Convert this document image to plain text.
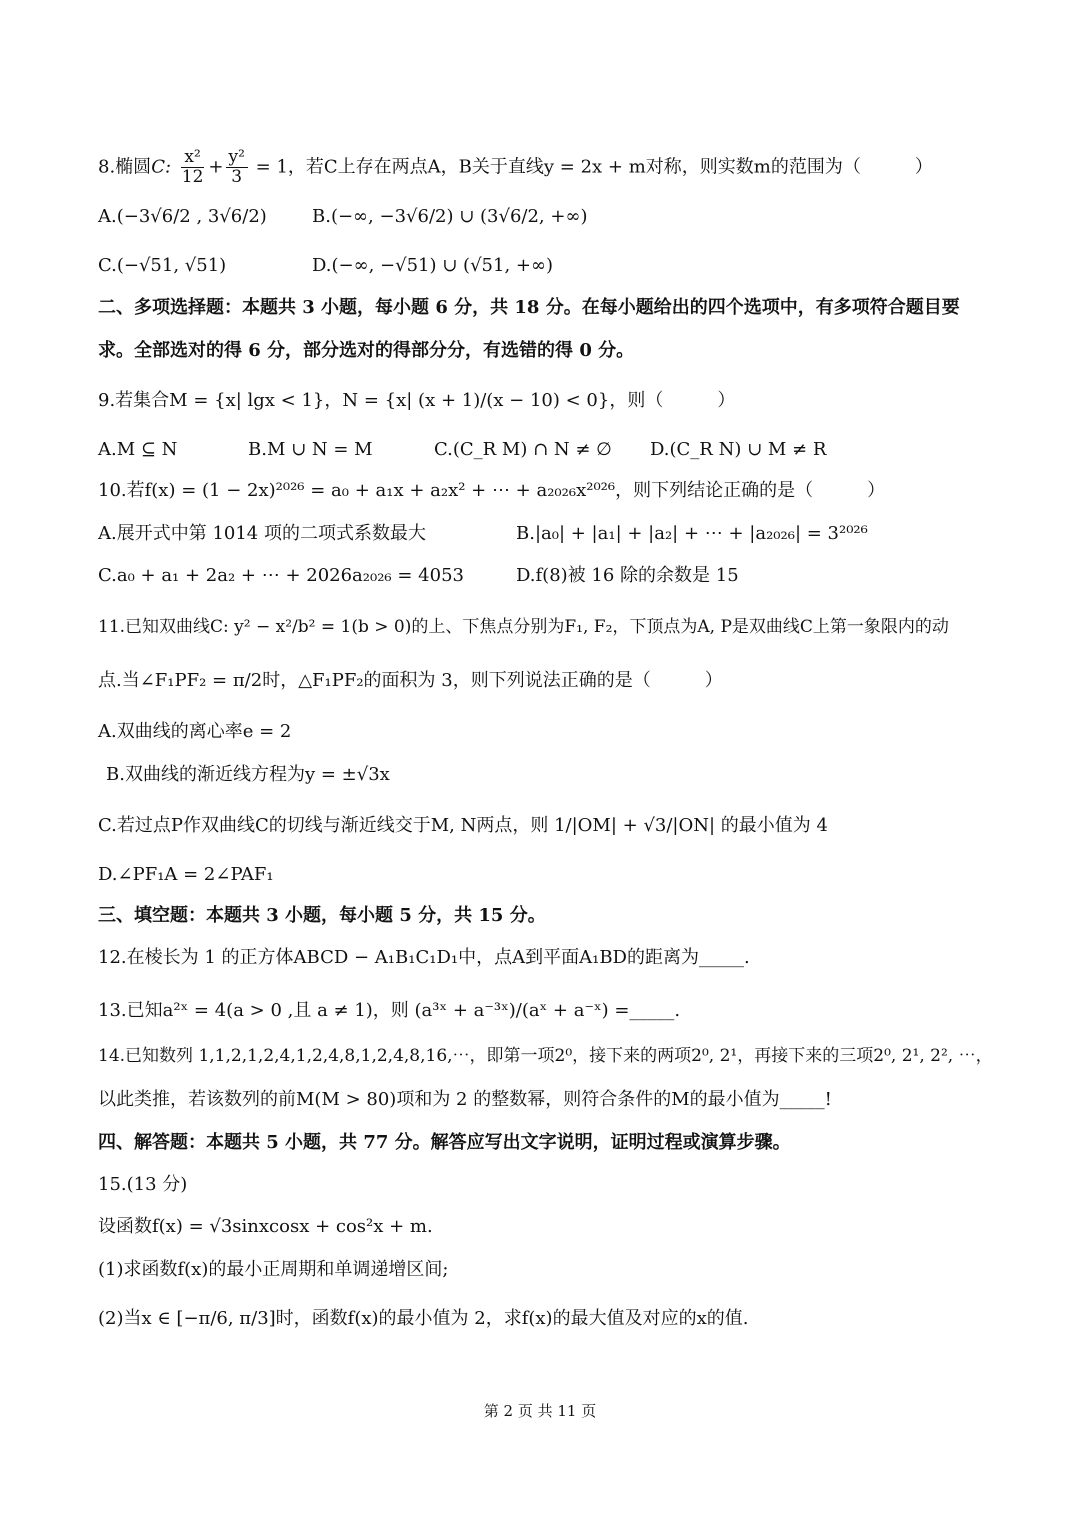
8.椭圆C: $\frac{\text{x²}}{12} + \frac{\text{y²}}{3} = 1$，若C上存在两点A，B关于直线y = 2x + m对称，则实数m的范围为（　　　）
A.(−3√6/2 , 3√6/2)	B.(−∞, −3√6/2) ∪ (3√6/2, +∞)
C.(−√51, √51)	D.(−∞, −√51) ∪ (√51, +∞)
二、多项选择题：本题共 3 小题，每小题 6 分，共 18 分。在每小题给出的四个选项中，有多项符合题目要
求。全部选对的得 6 分，部分选对的得部分分，有选错的得 0 分。
9.若集合M = {x| lgx < 1}，N = {x| (x + 1)/(x − 10) < 0}，则（　　　）
A.M ⊆ N	B.M ∪ N = M	C.(C_R M) ∩ N ≠ ∅ D.(C_R N) ∪ M ≠ R
10.若f(x) = (1 − 2x)²⁰²⁶ = a₀ + a₁x + a₂x² + ⋯ + a₂₀₂₆x²⁰²⁶，则下列结论正确的是（　　　）
A.展开式中第 1014 项的二项式系数最大	B.|a₀| + |a₁| + |a₂| + ⋯ + |a₂₀₂₆| = 3²⁰²⁶
C.a₀ + a₁ + 2a₂ + ⋯ + 2026a₂₀₂₆ = 4053	D.f(8)被 16 除的余数是 15
11.已知双曲线C: y² − x²/b² = 1(b > 0)的上、下焦点分别为F₁, F₂，下顶点为A, P是双曲线C上第一象限内的动
点.当∠F₁PF₂ = π/2时，△F₁PF₂的面积为 3，则下列说法正确的是（　　　）
A.双曲线的离心率e = 2
B.双曲线的渐近线方程为y = ±√3x
C.若过点P作双曲线C的切线与渐近线交于M, N两点，则 1/|OM| + √3/|ON| 的最小值为 4
D.∠PF₁A = 2∠PAF₁
三、填空题：本题共 3 小题，每小题 5 分，共 15 分。
12.在棱长为 1 的正方体ABCD − A₁B₁C₁D₁中，点A到平面A₁BD的距离为_____.
13.已知a²ˣ = 4(a > 0 ,且 a ≠ 1)，则 (a³ˣ + a⁻³ˣ)/(aˣ + a⁻ˣ) =_____.
14.已知数列 1,1,2,1,2,4,1,2,4,8,1,2,4,8,16,⋯，即第一项2⁰，接下来的两项2⁰, 2¹，再接下来的三项2⁰, 2¹, 2², ⋯，
以此类推，若该数列的前M(M > 80)项和为 2 的整数幂，则符合条件的M的最小值为_____!
四、解答题：本题共 5 小题，共 77 分。解答应写出文字说明，证明过程或演算步骤。
15.(13 分)
设函数f(x) = √3sinxcosx + cos²x + m.
(1)求函数f(x)的最小正周期和单调递增区间;
(2)当x ∈ [−π/6, π/3]时，函数f(x)的最小值为 2，求f(x)的最大值及对应的x的值.
第 2 页 共 11 页
